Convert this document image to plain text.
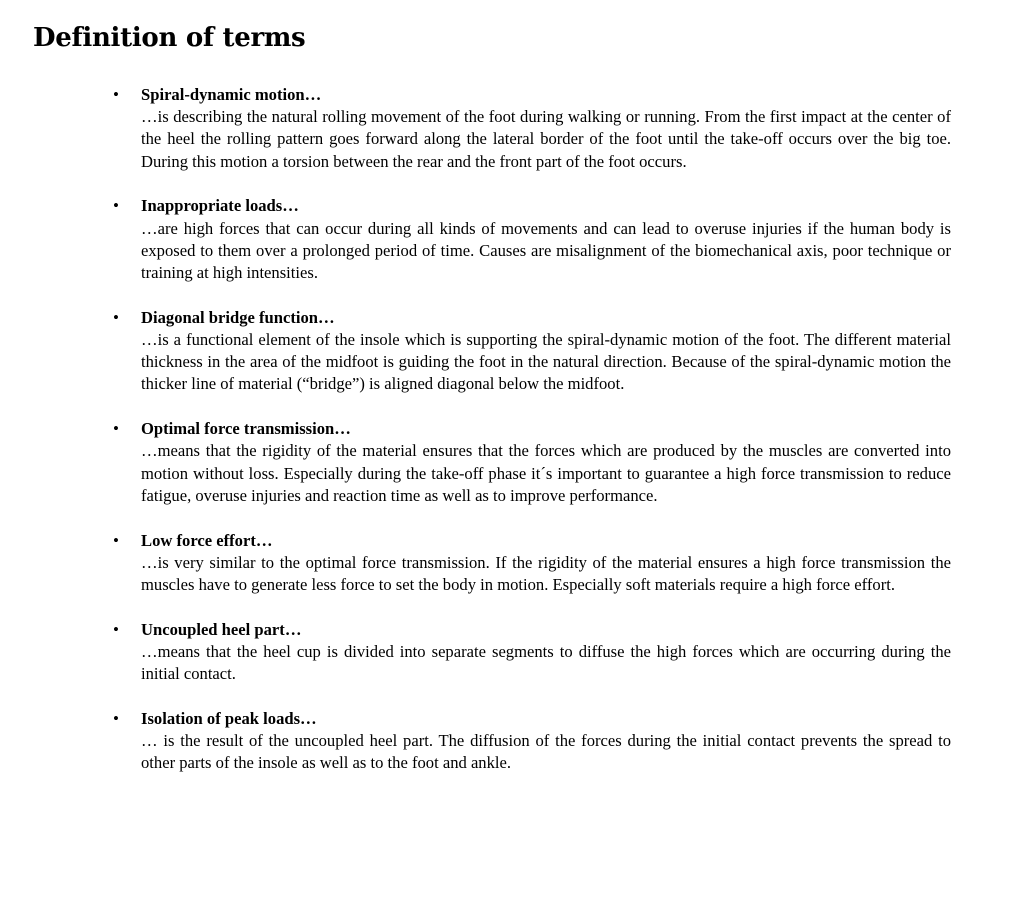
Definition of terms
• Spiral-dynamic motion…
…is describing the natural rolling movement of the foot during walking or running. From the first impact at the center of the heel the rolling pattern goes forward along the lateral border of the foot until the take-off occurs over the big toe. During this motion a torsion between the rear and the front part of the foot occurs.
• Inappropriate loads…
…are high forces that can occur during all kinds of movements and can lead to overuse injuries if the human body is exposed to them over a prolonged period of time. Causes are misalignment of the biomechanical axis, poor technique or training at high intensities.
• Diagonal bridge function…
…is a functional element of the insole which is supporting the spiral-dynamic motion of the foot. The different material thickness in the area of the midfoot is guiding the foot in the natural direction. Because of the spiral-dynamic motion the thicker line of material (“bridge”) is aligned diagonal below the midfoot.
• Optimal force transmission…
…means that the rigidity of the material ensures that the forces which are produced by the muscles are converted into motion without loss. Especially during the take-off phase it´s important to guarantee a high force transmission to reduce fatigue, overuse injuries and reaction time as well as to improve performance.
• Low force effort…
…is very similar to the optimal force transmission. If the rigidity of the material ensures a high force transmission the muscles have to generate less force to set the body in motion. Especially soft materials require a high force effort.
• Uncoupled heel part…
…means that the heel cup is divided into separate segments to diffuse the high forces which are occurring during the initial contact.
• Isolation of peak loads…
… is the result of the uncoupled heel part. The diffusion of the forces during the initial contact prevents the spread to other parts of the insole as well as to the foot and ankle.
